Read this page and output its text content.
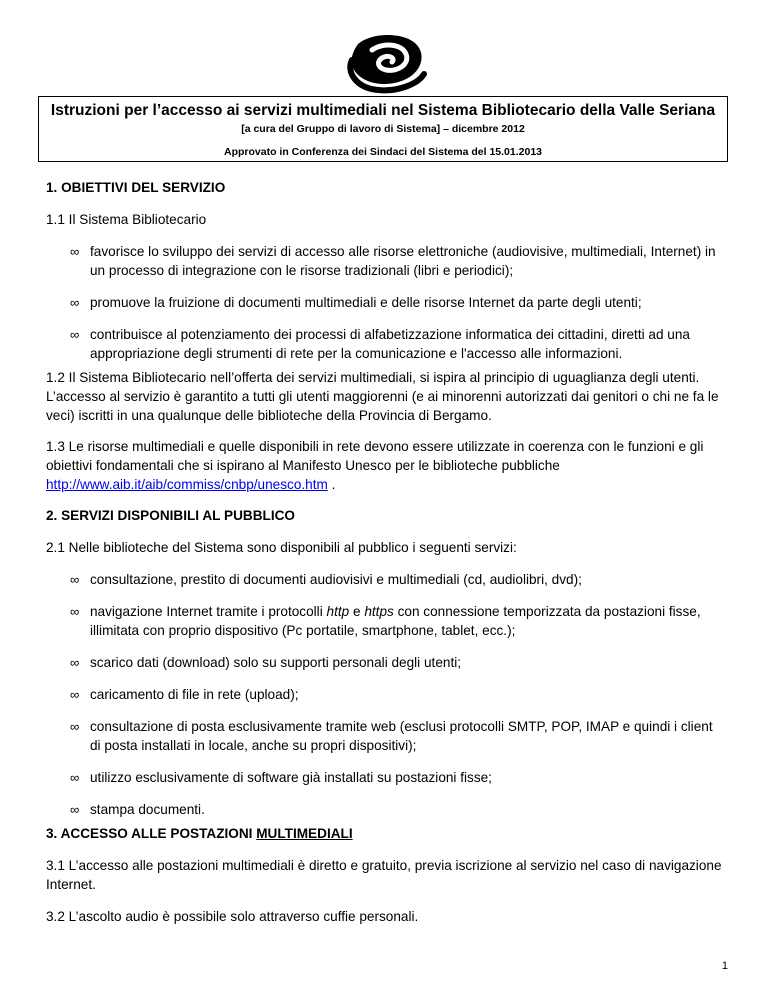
Istruzioni per l’accesso ai servizi multimediali nel Sistema Bibliotecario della Valle Seriana
[a cura del Gruppo di lavoro di Sistema] – dicembre 2012
Approvato in Conferenza dei Sindaci del Sistema del 15.01.2013

1. OBIETTIVI DEL SERVIZIO

1.1 Il Sistema Bibliotecario

∞ favorisce lo sviluppo dei servizi di accesso alle risorse elettroniche (audiovisive, multimediali, Internet) in un processo di integrazione con le risorse tradizionali (libri e periodici);
∞ promuove la fruizione di documenti multimediali e delle risorse Internet da parte degli utenti;
∞ contribuisce al potenziamento dei processi di alfabetizzazione informatica dei cittadini, diretti ad una appropriazione degli strumenti di rete per la comunicazione e l'accesso alle informazioni.

1.2 Il Sistema Bibliotecario nell’offerta dei servizi multimediali, si ispira al principio di uguaglianza degli utenti. L’accesso al servizio è garantito a tutti gli utenti maggiorenni (e ai minorenni autorizzati dai genitori o chi ne fa le veci) iscritti in una qualunque delle biblioteche della Provincia di Bergamo.

1.3 Le risorse multimediali e quelle disponibili in rete devono essere utilizzate in coerenza con le funzioni e gli obiettivi fondamentali che si ispirano al Manifesto Unesco per le biblioteche pubbliche
http://www.aib.it/aib/commiss/cnbp/unesco.htm .

2. SERVIZI DISPONIBILI AL PUBBLICO

2.1 Nelle biblioteche del Sistema sono disponibili al pubblico i seguenti servizi:

∞ consultazione, prestito di documenti audiovisivi e multimediali (cd, audiolibri, dvd);
∞ navigazione Internet tramite i protocolli http e https con connessione temporizzata da postazioni fisse, illimitata con proprio dispositivo (Pc portatile, smartphone, tablet, ecc.);
∞ scarico dati (download) solo su supporti personali degli utenti;
∞ caricamento di file in rete (upload);
∞ consultazione di posta esclusivamente tramite web (esclusi protocolli SMTP, POP, IMAP e quindi i client di posta installati in locale, anche su propri dispositivi);
∞ utilizzo esclusivamente di software già installati su postazioni fisse;
∞ stampa documenti.

3. ACCESSO ALLE POSTAZIONI MULTIMEDIALI

3.1 L’accesso alle postazioni multimediali è diretto e gratuito, previa iscrizione al servizio nel caso di navigazione Internet.

3.2 L’ascolto audio è possibile solo attraverso cuffie personali.

1
